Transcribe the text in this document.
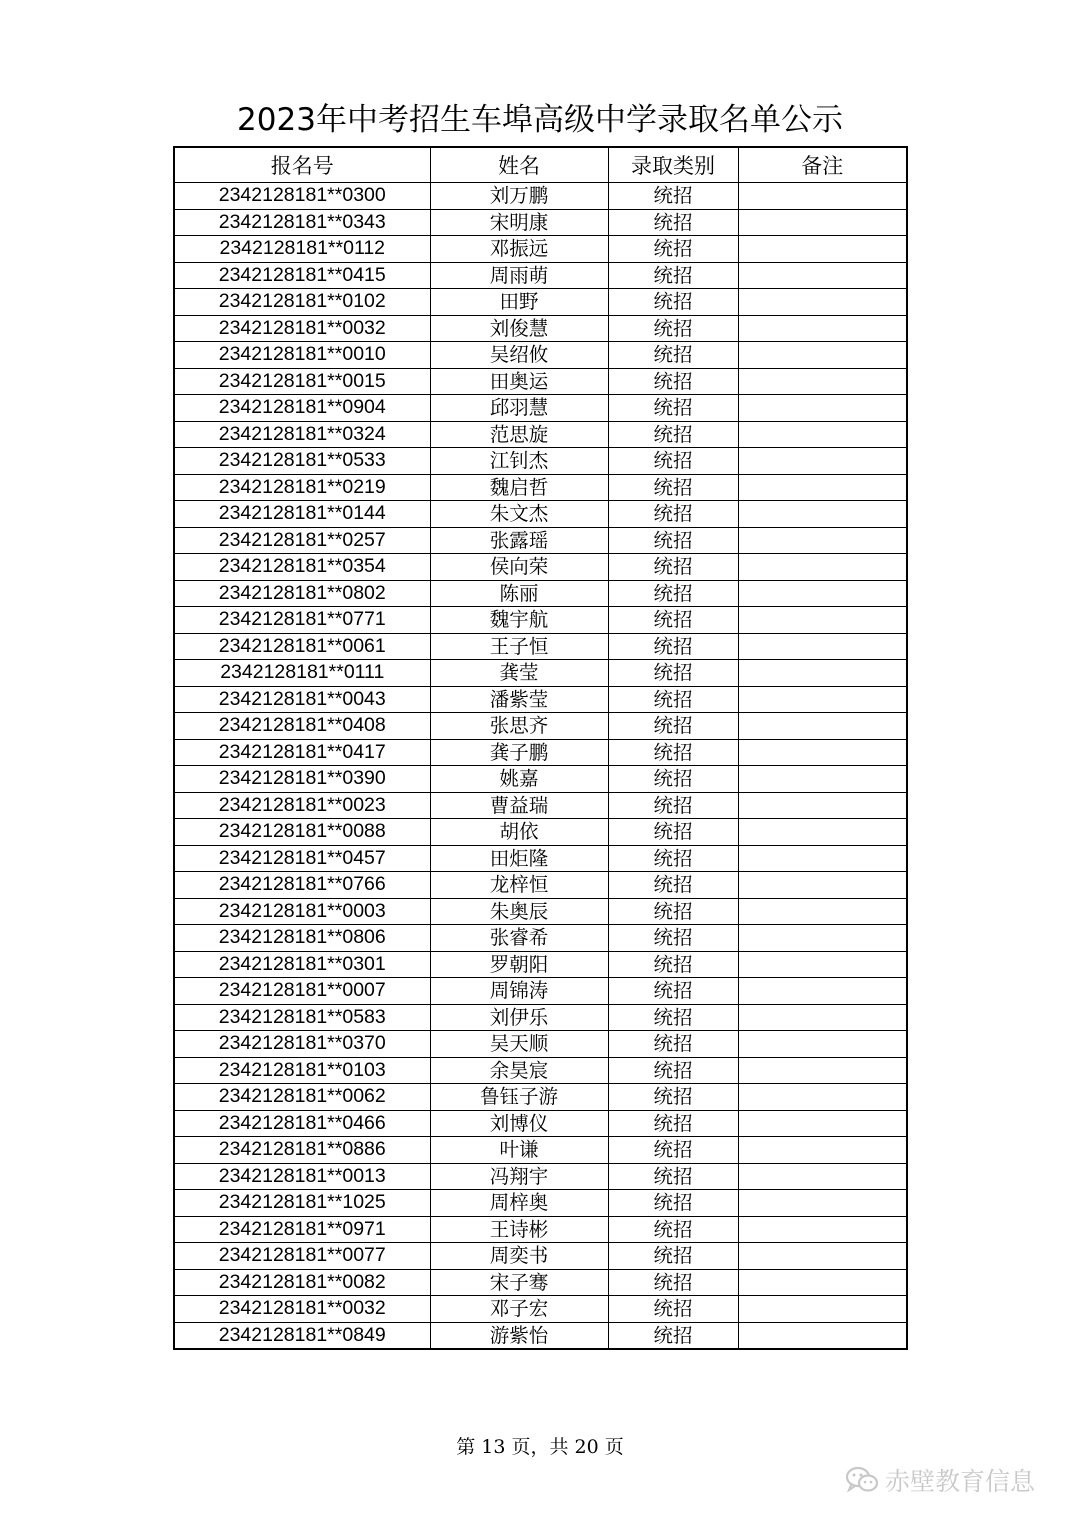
2023年中考招生车埠高级中学录取名单公示
报名号	姓名	录取类别	备注
2342128181**0300	刘万鹏	统招	
2342128181**0343	宋明康	统招	
2342128181**0112	邓振远	统招	
2342128181**0415	周雨萌	统招	
2342128181**0102	田野	统招	
2342128181**0032	刘俊慧	统招	
2342128181**0010	吴绍攸	统招	
2342128181**0015	田奥运	统招	
2342128181**0904	邱羽慧	统招	
2342128181**0324	范思旋	统招	
2342128181**0533	江钊杰	统招	
2342128181**0219	魏启哲	统招	
2342128181**0144	朱文杰	统招	
2342128181**0257	张露瑶	统招	
2342128181**0354	侯向荣	统招	
2342128181**0802	陈丽	统招	
2342128181**0771	魏宇航	统招	
2342128181**0061	王子恒	统招	
2342128181**0111	龚莹	统招	
2342128181**0043	潘紫莹	统招	
2342128181**0408	张思齐	统招	
2342128181**0417	龚子鹏	统招	
2342128181**0390	姚嘉	统招	
2342128181**0023	曹益瑞	统招	
2342128181**0088	胡依	统招	
2342128181**0457	田炬隆	统招	
2342128181**0766	龙梓恒	统招	
2342128181**0003	朱奥辰	统招	
2342128181**0806	张睿希	统招	
2342128181**0301	罗朝阳	统招	
2342128181**0007	周锦涛	统招	
2342128181**0583	刘伊乐	统招	
2342128181**0370	吴天顺	统招	
2342128181**0103	余昊宸	统招	
2342128181**0062	鲁钰子游	统招	
2342128181**0466	刘博仪	统招	
2342128181**0886	叶谦	统招	
2342128181**0013	冯翔宇	统招	
2342128181**1025	周梓奥	统招	
2342128181**0971	王诗彬	统招	
2342128181**0077	周奕书	统招	
2342128181**0082	宋子骞	统招	
2342128181**0032	邓子宏	统招	
2342128181**0849	游紫怡	统招	
第 13 页，共 20 页
赤壁教育信息
